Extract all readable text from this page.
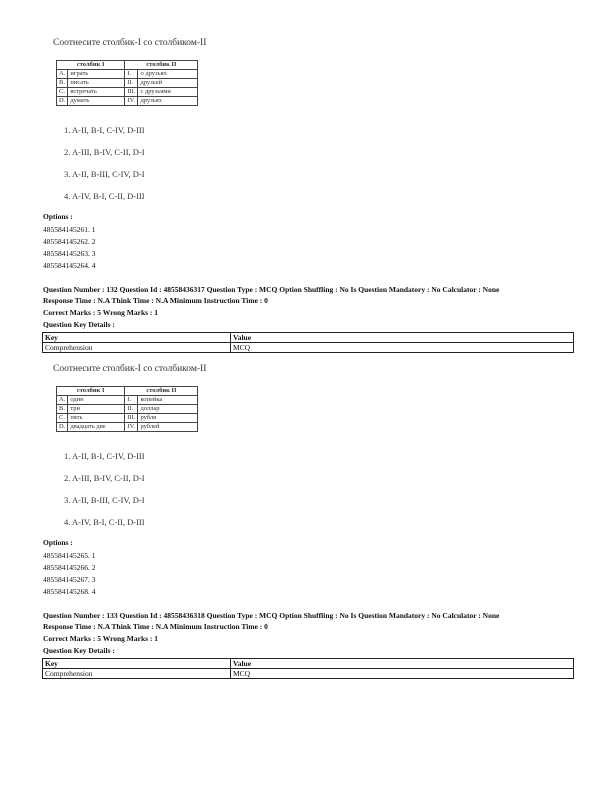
Соотнесите столбик-I со столбиком-II
столбик I		столбик II	
A.	играть	I.	о друзьях
B.	писать	II.	друзьей
C.	встречать	III.	с друзьями
D.	думать	IV.	друзьях
1. A-II, B-I, C-IV, D-III
2. A-III, B-IV, C-II, D-I
3. A-II, B-III, C-IV, D-I
4. A-IV, B-I, C-II, D-III
Options :
485584145261. 1
485584145262. 2
485584145263. 3
485584145264. 4
Question Number : 132 Question Id : 48558436317 Question Type : MCQ Option Shuffling : No Is Question Mandatory : No Calculator : None
Response Time : N.A Think Time : N.A Minimum Instruction Time : 0
Correct Marks : 5 Wrong Marks : 1
Question Key Details :
Key	Value
Comprehension	MCQ
Соотнесите столбик-I со столбиком-II
столбик I		столбик II	
A.	один	I.	копейка
B.	три	II.	доллар
C.	пять	III.	рубля
D.	двадцать две	IV.	рублей
1. A-II, B-I, C-IV, D-III
2. A-III, B-IV, C-II, D-I
3. A-II, B-III, C-IV, D-I
4. A-IV, B-I, C-II, D-III
Options :
485584145265. 1
485584145266. 2
485584145267. 3
485584145268. 4
Question Number : 133 Question Id : 48558436318 Question Type : MCQ Option Shuffling : No Is Question Mandatory : No Calculator : None
Response Time : N.A Think Time : N.A Minimum Instruction Time : 0
Correct Marks : 5 Wrong Marks : 1
Question Key Details :
Key	Value
Comprehension	MCQ
